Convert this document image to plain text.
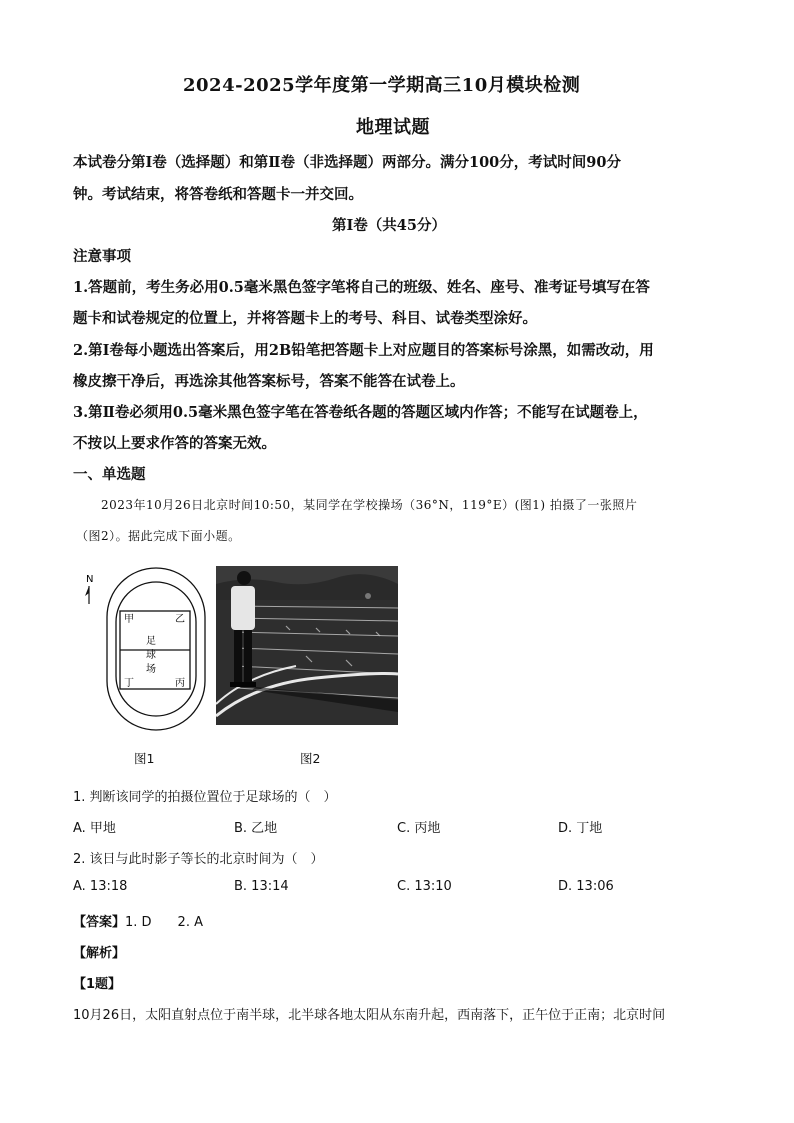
2024-2025学年度第一学期高三10月模块检测
地理试题
本试卷分第Ⅰ卷（选择题）和第Ⅱ卷（非选择题）两部分。满分100分，考试时间90分
钟。考试结束，将答卷纸和答题卡一并交回。
第Ⅰ卷（共45分）
注意事项
1.答题前，考生务必用0.5毫米黑色签字笔将自己的班级、姓名、座号、准考证号填写在答
题卡和试卷规定的位置上，并将答题卡上的考号、科目、试卷类型涂好。
2.第Ⅰ卷每小题选出答案后，用2B铅笔把答题卡上对应题目的答案标号涂黑，如需改动，用
橡皮擦干净后，再选涂其他答案标号，答案不能答在试卷上。
3.第Ⅱ卷必须用0.5毫米黑色签字笔在答卷纸各题的答题区域内作答；不能写在试题卷上，
不按以上要求作答的答案无效。
一、单选题
2023年10月26日北京时间10:50，某同学在学校操场（36°N，119°E）(图1) 拍摄了一张照片
（图2）。据此完成下面小题。
N
甲	乙
丁	丙
足
球
场
图1	图2
1. 判断该同学的拍摄位置位于足球场的（　）
A. 甲地	B. 乙地	C. 丙地	D. 丁地
2. 该日与此时影子等长的北京时间为（　）
A. 13:18	B. 13:14	C. 13:10	D. 13:06
【答案】1. D　　2. A
【解析】
【1题】
10月26日，太阳直射点位于南半球，北半球各地太阳从东南升起，西南落下，正午位于正南；北京时间
